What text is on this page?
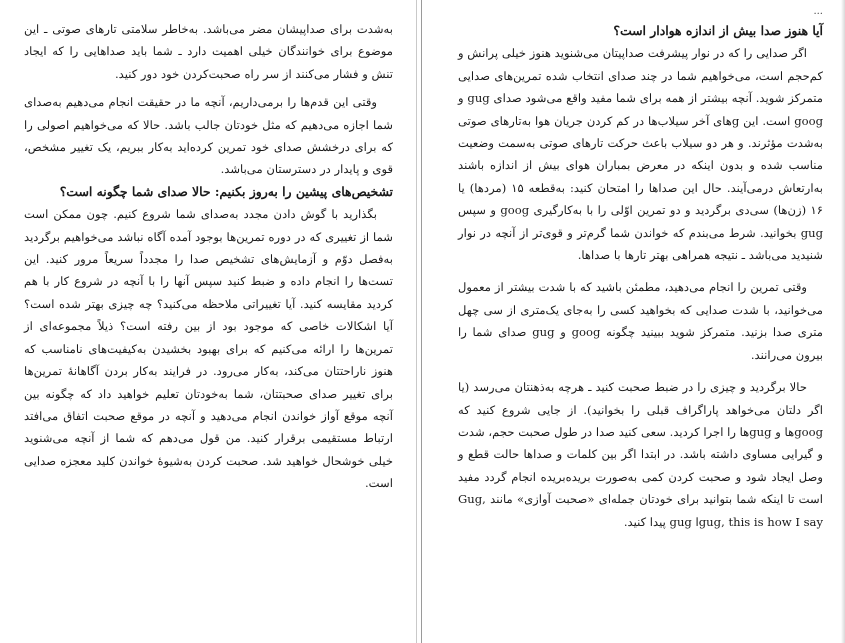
به‌شدت برای صداپیشان مضر می‌باشد. به‌خاطر سلامتی تارهای صوتی ـ این موضوع برای خوانندگان خیلی اهمیت دارد ـ شما باید صداهایی را که ایجاد تنش و فشار می‌کنند از سر راه صحبت‌کردن خود دور کنید.

وقتی این قدم‌ها را برمی‌داریم، آنچه ما در حقیقت انجام می‌دهیم به‌صدای شما اجازه می‌دهیم که مثل خودتان جالب باشد. حالا که می‌خواهیم اصولی را که برای درخشش صدای خود تمرین کرده‌اید به‌کار ببریم، یک تغییر مشخص، قوی و پایدار در دسترستان می‌باشد.

تشخیص‌های پیشین را به‌روز بکنیم: حالا صدای شما چگونه است؟

بگذارید با گوش دادن مجدد به‌صدای شما شروع کنیم. چون ممکن است شما از تغییری که در دوره تمرین‌ها بوجود آمده آگاه نباشد می‌خواهیم برگردید به‌فصل دوّم و آزمایش‌های تشخیص صدا را مجدداً سریعاً مرور کنید. این تست‌ها را انجام داده و ضبط کنید سپس آنها را با آنچه در شروع کار با هم کردید مقایسه کنید. آیا تغییراتی ملاحظه می‌کنید؟ چه چیزی بهتر شده است؟ آیا اشکالات خاصی که موجود بود از بین رفته است؟ ذیلاً مجموعه‌ای از تمرین‌ها را ارائه می‌کنیم که برای بهبود بخشیدن به‌کیفیت‌های نامناسب که هنوز ناراحتتان می‌کند، به‌کار می‌رود. در فرایند به‌کار بردن آگاهانهٔ تمرین‌ها برای تغییر صدای صحبتتان، شما به‌خودتان تعلیم خواهید داد که چگونه بین آنچه موقع آواز خواندن انجام می‌دهید و آنچه در موقع صحبت اتفاق می‌افتد ارتباط مستقیمی برقرار کنید. من قول می‌دهم که شما از آنچه می‌شنوید خیلی خوشحال خواهید شد. صحبت کردن به‌شیوهٔ خواندن کلید معجزه صدایی است.

...
آیا هنوز صدا بیش از اندازه هوادار است؟

اگر صدایی را که در نوار پیشرفت صداپیتان می‌شنوید هنوز خیلی پرانش و کم‌حجم است، می‌خواهیم شما در چند صدای انتخاب شده تمرین‌های صدایی متمرکز شوید. آنچه بیشتر از همه برای شما مفید واقع می‌شود صدای gug و goog است. این g‌های آخر سیلاب‌ها در کم کردن جریان هوا به‌تارهای صوتی به‌شدت مؤثرند. و هر دو سیلاب باعث حرکت تارهای صوتی به‌سمت وضعیت مناسب شده و بدون اینکه در معرض بمباران هوای بیش از اندازه باشند به‌ارتعاش درمی‌آیند. حال این صداها را امتحان کنید: به‌قطعه ۱۵ (مردها) یا ۱۶ (زن‌ها) سی‌دی برگردید و دو تمرین اوّلی را با به‌کارگیری goog و سپس gug بخوانید. شرط می‌بندم که خواندن شما گرم‌تر و قوی‌تر از آنچه در نوار شنیدید می‌باشد ـ نتیجه همراهی بهتر تارها با صداها.

وقتی تمرین را انجام می‌دهید، مطمئن باشید که با شدت بیشتر از معمول می‌خوانید، با شدت صدایی که بخواهید کسی را به‌جای یک‌متری از سی چهل متری صدا بزنید. متمرکز شوید ببینید چگونه goog و gug صدای شما را بیرون می‌رانند.

حالا برگردید و چیزی را در ضبط صحبت کنید ـ هرچه به‌ذهنتان می‌رسد (یا اگر دلتان می‌خواهد پاراگراف قبلی را بخوانید). از جایی شروع کنید که goog‌ها و gug‌ها را اجرا کردید. سعی کنید صدا در طول صحبت حجم، شدت و گیرایی مساوی داشته باشد. در ابتدا اگر بین کلمات و صداها حالت قطع و وصل ایجاد شود و صحبت کردن کمی به‌صورت بریده‌بریده انجام گردد مفید است تا اینکه شما بتوانید برای خودتان جمله‌ای «صحبت آوازی» مانند Gug, gug, this is how I say‌ا gug پیدا کنید.
